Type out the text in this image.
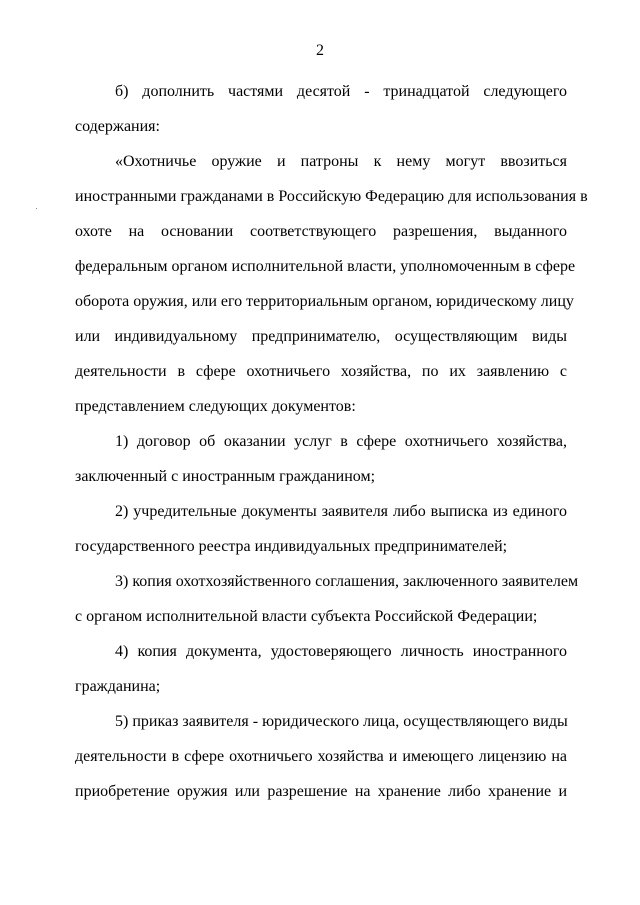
2
б) дополнить частями десятой - тринадцатой следующего
содержания:
«Охотничье оружие и патроны к нему могут ввозиться
иностранными гражданами в Российскую Федерацию для использования в
охоте на основании соответствующего разрешения, выданного
федеральным органом исполнительной власти, уполномоченным в сфере
оборота оружия, или его территориальным органом, юридическому лицу
или индивидуальному предпринимателю, осуществляющим виды
деятельности в сфере охотничьего хозяйства, по их заявлению с
представлением следующих документов:
1) договор об оказании услуг в сфере охотничьего хозяйства,
заключенный с иностранным гражданином;
2) учредительные документы заявителя либо выписка из единого
государственного реестра индивидуальных предпринимателей;
3) копия охотхозяйственного соглашения, заключенного заявителем
с органом исполнительной власти субъекта Российской Федерации;
4) копия документа, удостоверяющего личность иностранного
гражданина;
5) приказ заявителя - юридического лица, осуществляющего виды
деятельности в сфере охотничьего хозяйства и имеющего лицензию на
приобретение оружия или разрешение на хранение либо хранение и
